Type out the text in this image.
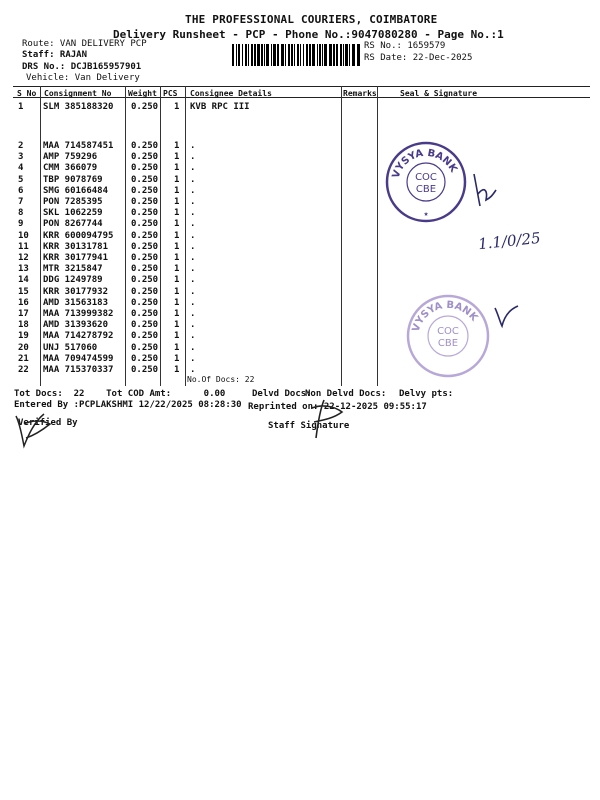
THE PROFESSIONAL COURIERS, COIMBATORE
Delivery Runsheet - PCP - Phone No.:9047080280 - Page No.:1
Route: VAN DELIVERY PCP
Staff: RAJAN
DRS No.: DCJB165957901
Vehicle: Van Delivery
RS No.: 1659579
RS Date: 22-Dec-2025
S No Consignment No Weight PCS Consignee Details	Remarks	Seal & Signature
1 SLM 385188320 0.250 1 KVB RPC III
2 MAA 714587451 0.250 1 .
3 AMP 759296	0.250 1 .
4 CMM 366079	0.250 1 .
5 TBP 9078769	0.250 1 .
6 SMG 60166484	0.250 1 .
7 PON 7285395	0.250 1 .
8 SKL 1062259	0.250 1 .
9 PON 8267744	0.250 1 .
10 KRR 600094795 0.250 1 .
11 KRR 30131781	0.250 1 .
12 KRR 30177941	0.250 1 .
13 MTR 3215847	0.250 1 .
14 DDG 1249789	0.250 1 .
15 KRR 30177932	0.250 1 .
16 AMD 31563183	0.250 1 .
17 MAA 713999382 0.250 1 .
18 AMD 31393620	0.250 1 .
19 MAA 714278792 0.250 1 .
20 UNJ 517060	0.250 1 .
21 MAA 709474599 0.250 1 .
22 MAA 715370337 0.250 1 .
No.Of Docs: 22
Tot Docs:  22    Tot COD Amt:      0.00	Delvd Docs:
Non Delvd Docs: Delvy pts:
Entered By :PCPLAKSHMI 12/22/2025 08:28:30 Reprinted on: 22-12-2025 09:55:17
Verified By	Staff Signature
VYSYA BANK
COC
CBE
★
1.1/0/25
VYSYA BANK
COC
CBE
